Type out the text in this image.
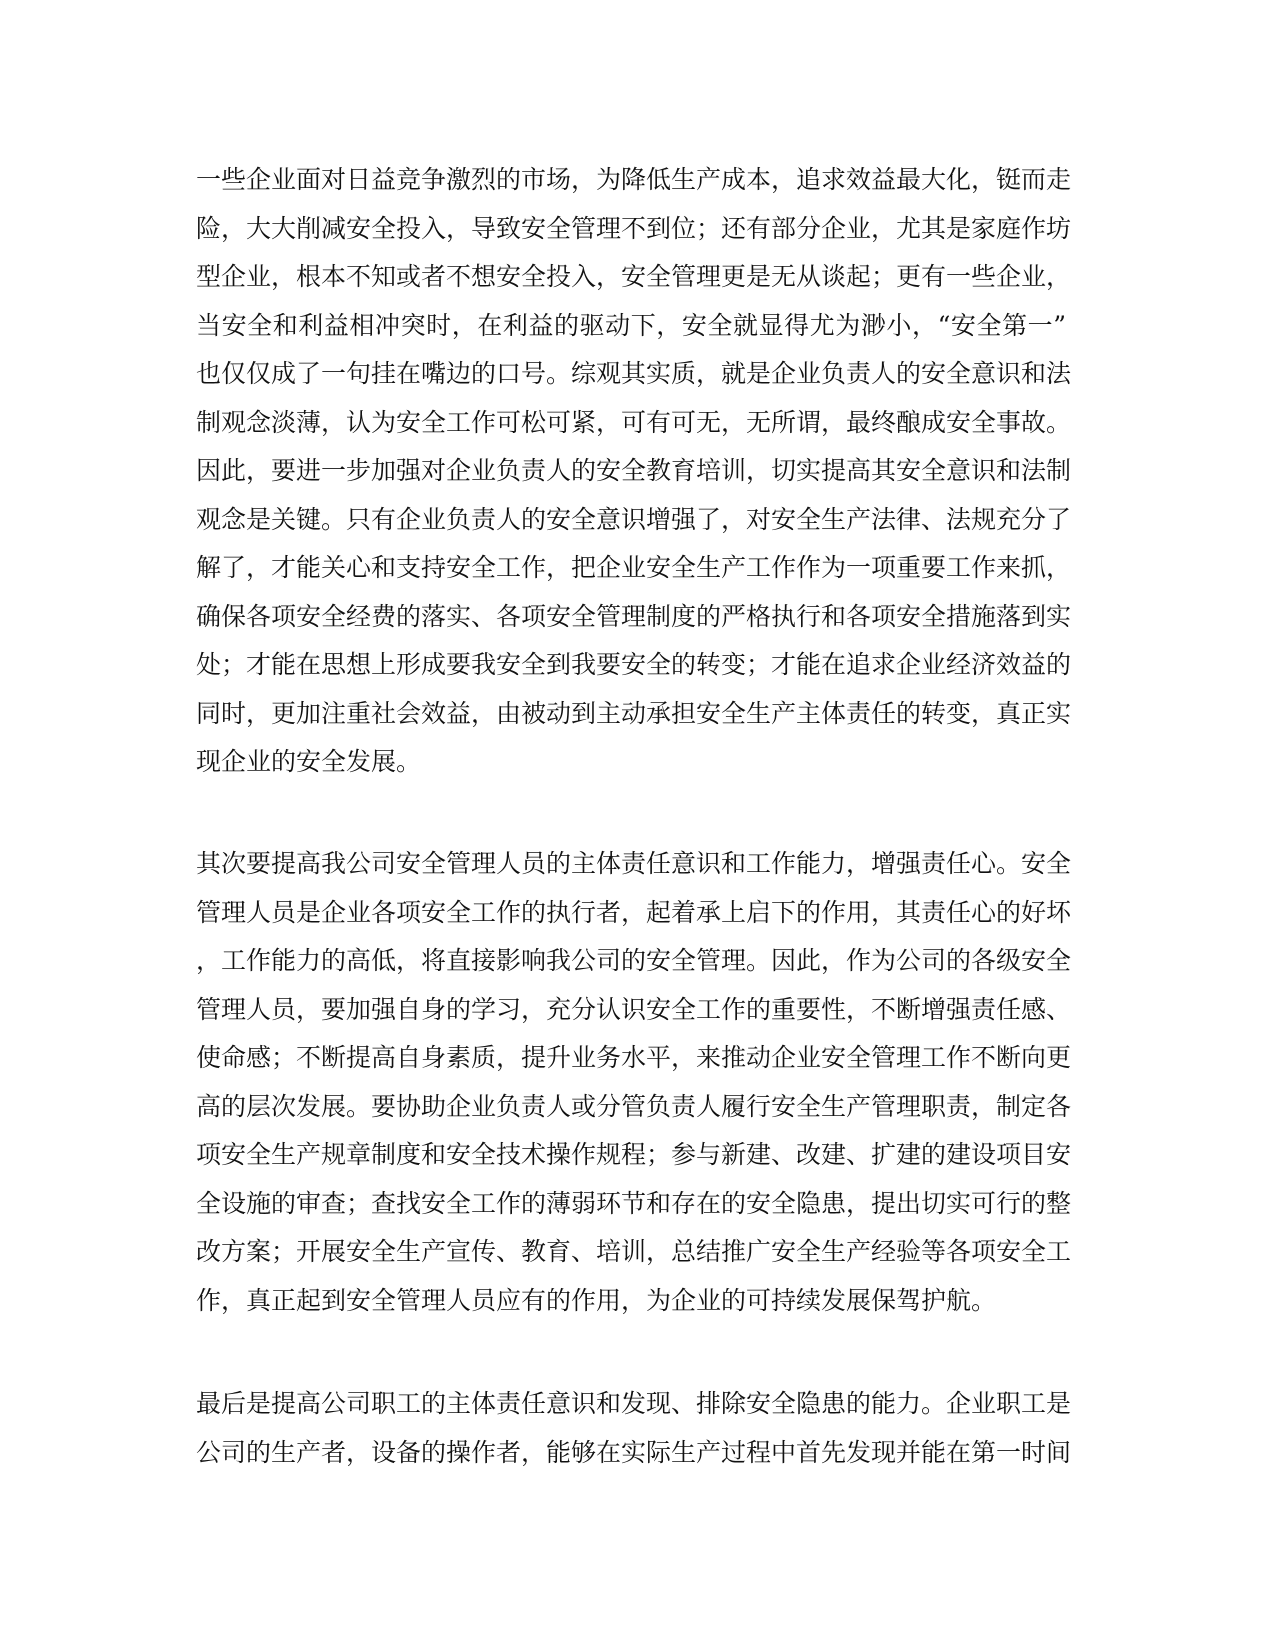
一些企业面对日益竞争激烈的市场，为降低生产成本，追求效益最大化，铤而走
险，大大削减安全投入，导致安全管理不到位；还有部分企业，尤其是家庭作坊
型企业，根本不知或者不想安全投入，安全管理更是无从谈起；更有一些企业，
当安全和利益相冲突时，在利益的驱动下，安全就显得尤为渺小，“安全第一”
也仅仅成了一句挂在嘴边的口号。综观其实质，就是企业负责人的安全意识和法
制观念淡薄，认为安全工作可松可紧，可有可无，无所谓，最终酿成安全事故。
因此，要进一步加强对企业负责人的安全教育培训，切实提高其安全意识和法制
观念是关键。只有企业负责人的安全意识增强了，对安全生产法律、法规充分了
解了，才能关心和支持安全工作，把企业安全生产工作作为一项重要工作来抓，
确保各项安全经费的落实、各项安全管理制度的严格执行和各项安全措施落到实
处；才能在思想上形成要我安全到我要安全的转变；才能在追求企业经济效益的
同时，更加注重社会效益，由被动到主动承担安全生产主体责任的转变，真正实
现企业的安全发展。
其次要提高我公司安全管理人员的主体责任意识和工作能力，增强责任心。安全
管理人员是企业各项安全工作的执行者，起着承上启下的作用，其责任心的好坏
，工作能力的高低，将直接影响我公司的安全管理。因此，作为公司的各级安全
管理人员，要加强自身的学习，充分认识安全工作的重要性，不断增强责任感、
使命感；不断提高自身素质，提升业务水平，来推动企业安全管理工作不断向更
高的层次发展。要协助企业负责人或分管负责人履行安全生产管理职责，制定各
项安全生产规章制度和安全技术操作规程；参与新建、改建、扩建的建设项目安
全设施的审查；查找安全工作的薄弱环节和存在的安全隐患，提出切实可行的整
改方案；开展安全生产宣传、教育、培训，总结推广安全生产经验等各项安全工
作，真正起到安全管理人员应有的作用，为企业的可持续发展保驾护航。
最后是提高公司职工的主体责任意识和发现、排除安全隐患的能力。企业职工是
公司的生产者，设备的操作者，能够在实际生产过程中首先发现并能在第一时间
